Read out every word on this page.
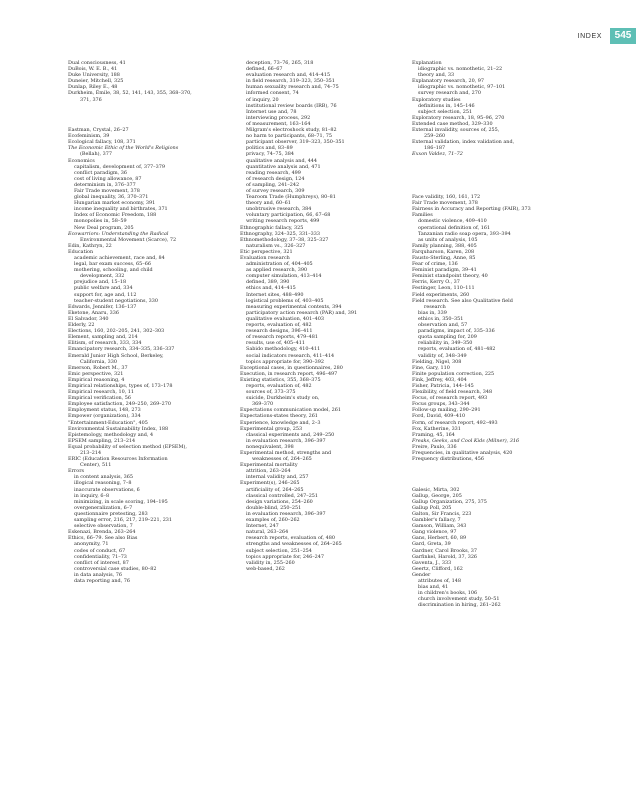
INDEX	545
Dual consciousness, 41
DuBois, W. E. B., 41
Duke University, 188
Duneier, Mitchell, 325
Dunlap, Riley E., 48
Durkheim, Émile, 38, 52, 141, 143, 355, 368–370,
371, 376
Eastman, Crystal, 26–27
Ecofeminism, 39
Ecological fallacy, 108, 371
The Economic Ethic of the World's Religions
(Bellah), 377
Economics
capitalism, development of, 377–379
conflict paradigm, 36
cost of living allowance, 87
determinism in, 376–377
Fair Trade movement, 378
global inequality, 36, 370–371
Hungarian market economy, 391
income inequality and birthrates, 371
Index of Economic Freedom, 188
monopolies in, 58–59
New Deal program, 205
Ecowarriors: Understanding the Radical
Environmental Movement (Scarce), 72
Edin, Kathryn, 22
Education
academic achievement, race and, 84
legal, bar exam success, 65–66
mothering, schooling, and child
development, 332
prejudice and, 15–18
public welfare and, 334
support for, age and, 112
teacher-student negotiations, 330
Edwards, Jennifer, 136–137
Eketone, Anaru, 336
El Salvador, 340
Elderly, 22
Elections, 160, 202–205, 241, 302–303
Element, sampling and, 214
Elitism, of research, 333, 334
Emancipatory research, 334–335, 336–337
Emerald Junior High School, Berkeley,
California, 330
Emerson, Robert M., 37
Emic perspective, 321
Empirical reasoning, 4
Empirical relationships, types of, 173–178
Empirical research, 10, 11
Empirical verification, 56
Employee satisfaction, 249–250, 269–270
Employment status, 148, 273
Empower (organization), 334
"Entertainment-Education", 405
Environmental Sustainability Index, 188
Epistemology, methodology and, 4
EPSEM sampling, 213–214
Equal probability of selection method (EPSEM),
213–214
ERIC (Education Resources Information
Center), 511
Errors
in content analysis, 365
illogical reasoning, 7–8
inaccurate observations, 6
in inquiry, 6–8
minimizing, in scale scoring, 194–195
overgeneralization, 6–7
questionnaire pretesting, 283
sampling error, 216, 217, 219–221, 231
selective observation, 7
Eskenazi, Brenda, 263–264
Ethics, 66–79. See also Bias
anonymity, 71
codes of conduct, 67
confidentiality, 71–73
conflict of interest, 87
controversial case studies, 80–82
in data analysis, 76
data reporting and, 76
deception, 73–76, 265, 318
defined, 66–67
evaluation research and, 414–415
in field research, 319–323, 350–351
human sexuality research and, 74–75
informed consent, 74
of inquiry, 20
institutional review boards (IRB), 76
Internet use and, 78
interviewing process, 292
of measurement, 163–164
Milgram's electroshock study, 81–82
no harm to participants, 68–71, 75
participant observer, 319–323, 350–351
politics and, 83–89
privacy, 74–75, 384
qualitative analysis and, 444
quantitative analysis and, 471
reading research, 499
of research design, 124
of sampling, 241–242
of survey research, 309
Tearoom Trade (Humphreys), 80–81
theory and, 60–61
unobtrusive research, 384
voluntary participation, 66, 67–68
writing research reports, 499
Ethnographic fallacy, 325
Ethnography, 324–325, 331–333
Ethnomethodology, 37–38, 325–327
naturalism vs., 326–327
Etic perspective, 321
Evaluation research
administration of, 404–405
as applied research, 390
computer simulation, 413–414
defined, 389, 390
ethics and, 414–415
Internet sites, 488–490
logistical problems of, 403–405
measuring experimental contexts, 394
participatory action research (PAR) and, 391
qualitative evaluation, 401–403
reports, evaluation of, 482
research designs, 396–411
of research reports, 479–481
results, use of, 405–411
Sabido methodology, 410–411
social indicators research, 411–414
topics appropriate for, 390–392
Exceptional cases, in questionnaires, 280
Execution, in research report, 496–497
Existing statistics, 355, 368–375
reports, evaluation of, 482
sources of, 373–375
suicide, Durkheim's study on,
369–370
Expectations communication model, 261
Expectations-states theory, 261
Experience, knowledge and, 2–3
Experimental group, 253
classical experiments and, 249–250
in evaluation research, 396–397
nonequivalent, 398
Experimental method, strengths and
weaknesses of, 264–265
Experimental mortality
attrition, 263–264
internal validity and, 257
Experiment(s), 246–265
artificiality of, 264–265
classical controlled, 247–251
design variations, 254–260
double-blind, 250–251
in evaluation research, 396–397
examples of, 260–262
Internet, 247
natural, 263–264
research reports, evaluation of, 480
strengths and weaknesses of, 264–265
subject selection, 251–254
topics appropriate for, 246–247
validity in, 255–260
web-based, 262
Explanation
idiographic vs. nomothetic, 21–22
theory and, 33
Explanatory research, 20, 97
idiographic vs. nomothetic, 97–101
survey research and, 270
Exploratory studies
definitions in, 145–146
subject selection, 251
Exploratory research, 18, 95–96, 270
Extended case method, 329–330
External invalidity, sources of, 255,
259–260
External validation, index validation and,
186–187
Exxon Valdez, 71–72
Face validity, 160, 161, 172
Fair Trade movement, 378
Fairness in Accuracy and Reporting (FAIR), 373
Families
domestic violence, 409–410
operational definition of, 161
Tanzanian radio soap opera, 393–394
as units of analysis, 105
Family planning, 388, 405
Farquharson, Karen, 208
Fausto-Sterling, Anne, 85
Fear of crime, 136
Feminist paradigm, 39–41
Feminist standpoint theory, 40
Ferris, Kerry O., 37
Festinger, Leon, 110–111
Field experiments, 260
Field research. See also Qualitative field
research
bias in, 339
ethics in, 350–351
observation and, 57
paradigms, impact of, 335–336
quota sampling for, 209
reliability in, 349–350
reports, evaluation of, 481–482
validity of, 348–349
Fielding, Nigel, 308
Fine, Gary, 110
Finite population correction, 225
Fink, Jeffrey, 403, 404
Fisher, Patricia, 144–145
Flexibility, of field research, 348
Focus, of research report, 493
Focus groups, 343–344
Follow-up mailing, 290–291
Ford, David, 409–410
Form, of research report, 492–493
Fox, Katherine, 331
Framing, 45, 164
Freaks, Geeks, and Cool Kids (Milner), 316
Freire, Paulo, 336
Frequencies, in qualitative analysis, 420
Frequency distributions, 456
Galesic, Mirta, 302
Gallup, George, 205
Gallup Organization, 275, 375
Gallup Poll, 205
Galton, Sir Francis, 223
Gambler's fallacy, 7
Gamson, William, 343
Gang violence, 97
Gans, Herbert, 60, 89
Gard, Greta, 39
Gardner, Carol Brooks, 37
Garfinkel, Harold, 37, 326
Gaventa, J., 333
Geertz, Clifford, 162
Gender
attributes of, 148
bias and, 41
in children's books, 106
church involvement study, 50–51
discrimination in hiring, 261–262
